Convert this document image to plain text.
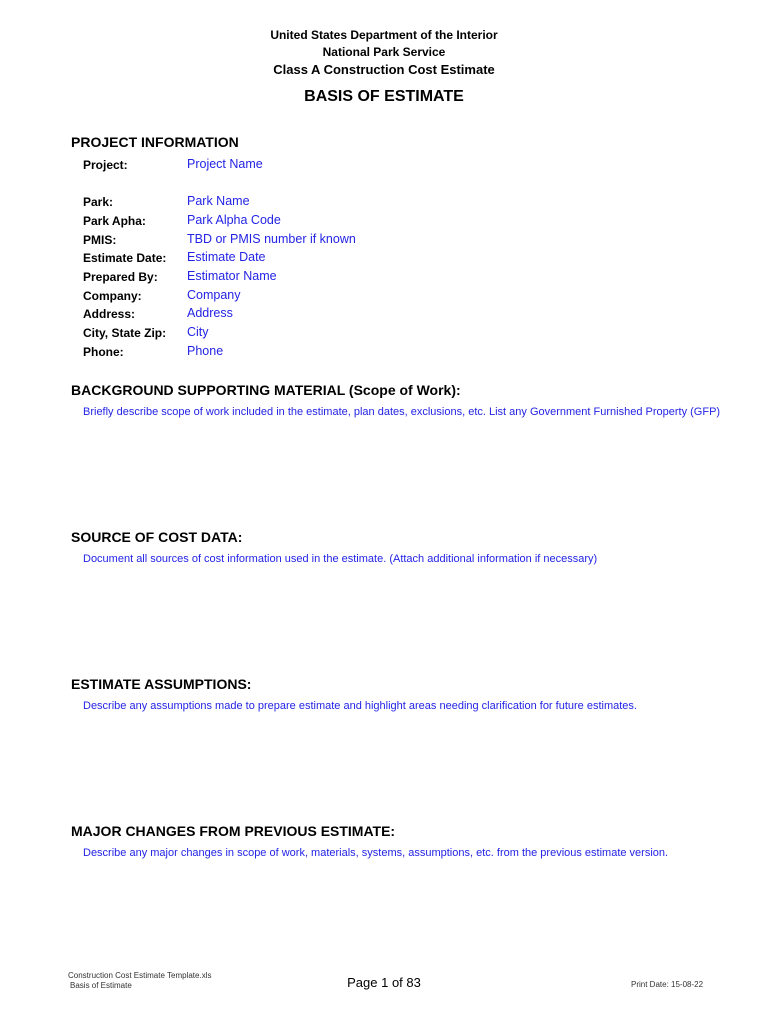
United States Department of the Interior
National Park Service
Class A Construction Cost Estimate
BASIS OF ESTIMATE
PROJECT INFORMATION
Project:	Project Name
Park:	Park Name
Park Apha:	Park Alpha Code
PMIS:	TBD or PMIS number if known
Estimate Date: Estimate Date
Prepared By: Estimator Name
Company:	Company
Address:	Address
City, State Zip: City
Phone:	Phone
BACKGROUND SUPPORTING MATERIAL (Scope of Work):
Briefly describe scope of work included in the estimate, plan dates, exclusions, etc. List any Government Furnished Property (GFP)
SOURCE OF COST DATA:
Document all sources of cost information used in the estimate. (Attach additional information if necessary)
ESTIMATE ASSUMPTIONS:
Describe any assumptions made to prepare estimate and highlight areas needing clarification for future estimates.
MAJOR CHANGES FROM PREVIOUS ESTIMATE:
Describe any major changes in scope of work, materials, systems, assumptions, etc. from the previous estimate version.
Construction Cost Estimate Template.xls
Basis of Estimate	Page 1 of 83	Print Date: 15-08-22
